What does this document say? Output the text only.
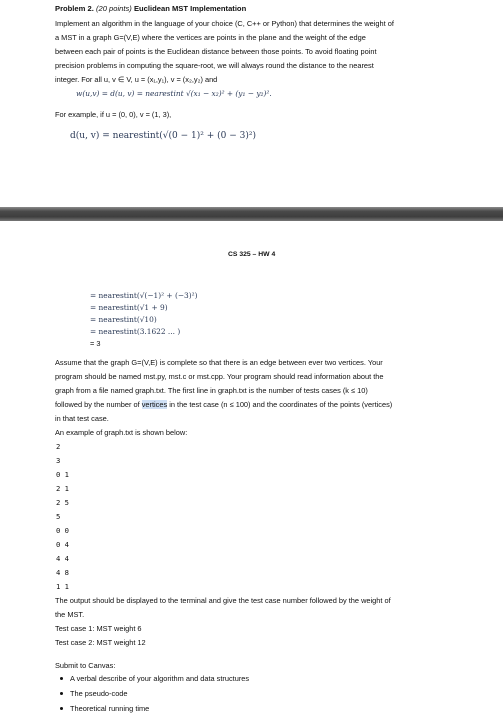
Problem 2. (20 points) Euclidean MST Implementation
Implement an algorithm in the language of your choice (C, C++ or Python) that determines the weight of
a MST in a graph G=(V,E) where the vertices are points in the plane and the weight of the edge
between each pair of points is the Euclidean distance between those points. To avoid floating point
precision problems in computing the square-root, we will always round the distance to the nearest
integer. For all u, v ∈ V, u = (x₁,y₁), v = (x₂,y₂) and
w(u,v) = d(u, v) = nearestint √(x₁ − x₂)² + (y₁ − y₂)².
For example, if u = (0, 0), v = (1, 3),
d(u, v) = nearestint(√(0 − 1)² + (0 − 3)²)
CS 325 – HW 4
= nearestint(√(−1)² + (−3)²)
= nearestint(√1 + 9)
= nearestint(√10)
= nearestint(3.1622 ... )
= 3
Assume that the graph G=(V,E) is complete so that there is an edge between ever two vertices. Your
program should be named mst.py, mst.c or mst.cpp. Your program should read information about the
graph from a file named graph.txt. The first line in graph.txt is the number of tests cases (k ≤ 10)
followed by the number of vertices in the test case (n ≤ 100) and the coordinates of the points (vertices)
in that test case.
An example of graph.txt is shown below:
2
3
0 1
2 1
2 5
5
0 0
0 4
4 4
4 8
1 1
The output should be displayed to the terminal and give the test case number followed by the weight of
the MST.
Test case 1: MST weight 6
Test case 2: MST weight 12
Submit to Canvas:
A verbal describe of your algorithm and data structures
The pseudo-code
Theoretical running time
